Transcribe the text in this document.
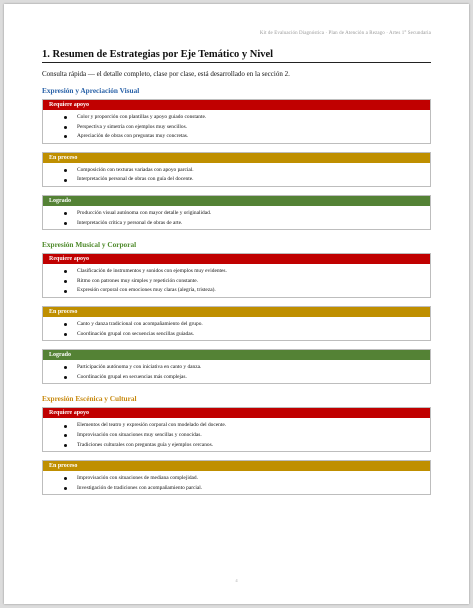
Kit de Evaluación Diagnóstica · Plan de Atención a Rezago · Artes 1° Secundaria
1. Resumen de Estrategias por Eje Temático y Nivel
Consulta rápida — el detalle completo, clase por clase, está desarrollado en la sección 2.
Expresión y Apreciación Visual
Requiere apoyo
Color y proporción con plantillas y apoyo guiado constante.
Perspectiva y simetría con ejemplos muy sencillos.
Apreciación de obras con preguntas muy concretas.
En proceso
Composición con texturas variadas con apoyo parcial.
Interpretación personal de obras con guía del docente.
Logrado
Producción visual autónoma con mayor detalle y originalidad.
Interpretación crítica y personal de obras de arte.
Expresión Musical y Corporal
Requiere apoyo
Clasificación de instrumentos y sonidos con ejemplos muy evidentes.
Ritmo con patrones muy simples y repetición constante.
Expresión corporal con emociones muy claras (alegría, tristeza).
En proceso
Canto y danza tradicional con acompañamiento del grupo.
Coordinación grupal con secuencias sencillas guiadas.
Logrado
Participación autónoma y con iniciativa en canto y danza.
Coordinación grupal en secuencias más complejas.
Expresión Escénica y Cultural
Requiere apoyo
Elementos del teatro y expresión corporal con modelado del docente.
Improvisación con situaciones muy sencillas y conocidas.
Tradiciones culturales con preguntas guía y ejemplos cercanos.
En proceso
Improvisación con situaciones de mediana complejidad.
Investigación de tradiciones con acompañamiento parcial.
4
